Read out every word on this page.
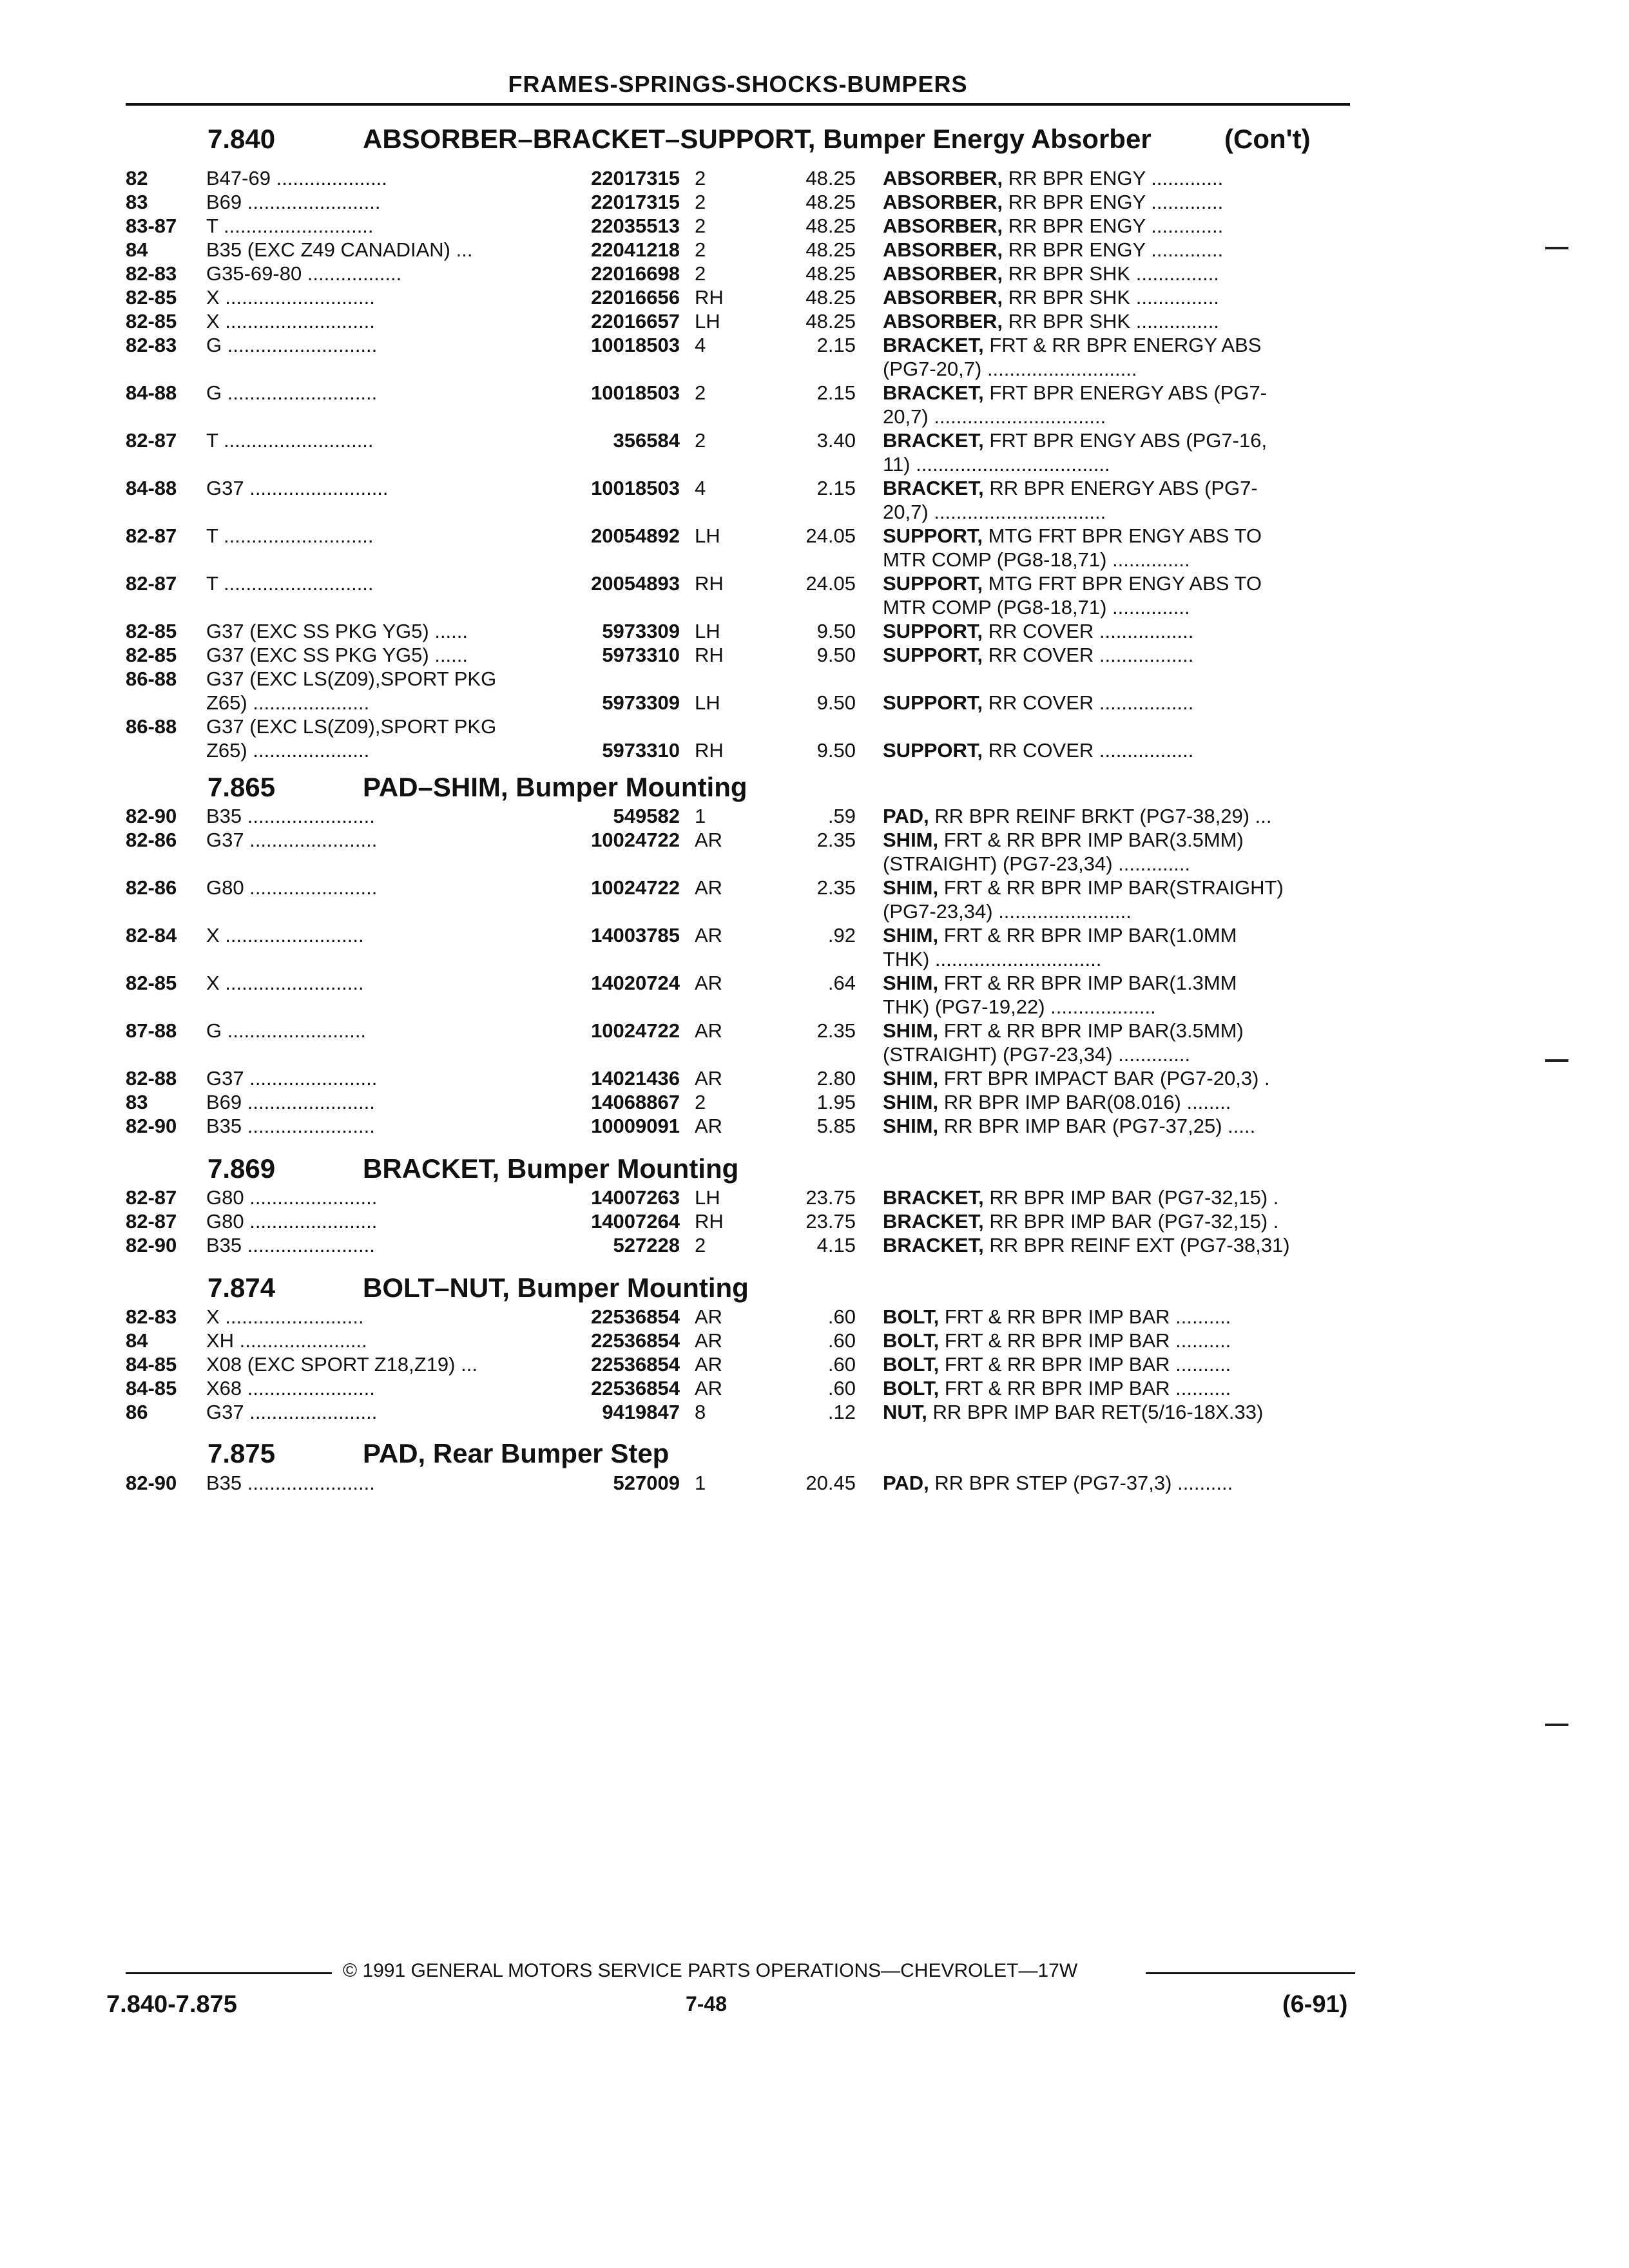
FRAMES-SPRINGS-SHOCKS-BUMPERS
7.840	ABSORBER–BRACKET–SUPPORT, Bumper Energy Absorber	(Con't)
7.865	PAD–SHIM, Bumper Mounting
7.869	BRACKET, Bumper Mounting
7.874	BOLT–NUT, Bumper Mounting
7.875	PAD, Rear Bumper Step
82	B47-69 ....................	22017315 2	48.25 ABSORBER, RR BPR ENGY .............
83	B69 ........................	22017315 2	48.25 ABSORBER, RR BPR ENGY .............
83-87 T ...........................	22035513 2	48.25 ABSORBER, RR BPR ENGY .............
84	B35 (EXC Z49 CANADIAN) ...	22041218 2	48.25 ABSORBER, RR BPR ENGY .............
82-83 G35-69-80 .................	22016698 2	48.25 ABSORBER, RR BPR SHK ...............
82-85 X ...........................	22016656 RH	48.25 ABSORBER, RR BPR SHK ...............
82-85 X ...........................	22016657 LH	48.25 ABSORBER, RR BPR SHK ...............
82-83 G ...........................	10018503 4	2.15 BRACKET, FRT & RR BPR ENERGY ABS
(PG7-20,7) ...........................
84-88 G ...........................	10018503 2	2.15 BRACKET, FRT BPR ENERGY ABS (PG7-
20,7) ...............................
82-87 T ...........................	356584 2	3.40 BRACKET, FRT BPR ENGY ABS (PG7-16,
11) ...................................
84-88 G37 .........................	10018503 4	2.15 BRACKET, RR BPR ENERGY ABS (PG7-
20,7) ...............................
82-87 T ...........................	20054892 LH	24.05 SUPPORT, MTG FRT BPR ENGY ABS TO
MTR COMP (PG8-18,71) ..............
82-87 T ...........................	20054893 RH	24.05 SUPPORT, MTG FRT BPR ENGY ABS TO
MTR COMP (PG8-18,71) ..............
82-85 G37 (EXC SS PKG YG5) ......	5973309 LH	9.50 SUPPORT, RR COVER .................
82-85 G37 (EXC SS PKG YG5) ......	5973310 RH	9.50 SUPPORT, RR COVER .................
86-88 G37 (EXC LS(Z09),SPORT PKG
Z65) .....................	5973309 LH	9.50 SUPPORT, RR COVER .................
86-88 G37 (EXC LS(Z09),SPORT PKG
Z65) .....................	5973310 RH	9.50 SUPPORT, RR COVER .................
82-90 B35 .......................	549582 1	.59 PAD, RR BPR REINF BRKT (PG7-38,29) ...
82-86 G37 .......................	10024722 AR	2.35 SHIM, FRT & RR BPR IMP BAR(3.5MM)
(STRAIGHT) (PG7-23,34) .............
82-86 G80 .......................	10024722 AR	2.35 SHIM, FRT & RR BPR IMP BAR(STRAIGHT)
(PG7-23,34) ........................
82-84 X .........................	14003785 AR	.92 SHIM, FRT & RR BPR IMP BAR(1.0MM
THK) ..............................
82-85 X .........................	14020724 AR	.64 SHIM, FRT & RR BPR IMP BAR(1.3MM
THK) (PG7-19,22) ...................
87-88 G .........................	10024722 AR	2.35 SHIM, FRT & RR BPR IMP BAR(3.5MM)
(STRAIGHT) (PG7-23,34) .............
82-88 G37 .......................	14021436 AR	2.80 SHIM, FRT BPR IMPACT BAR (PG7-20,3) .
83	B69 .......................	14068867 2	1.95 SHIM, RR BPR IMP BAR(08.016) ........
82-90 B35 .......................	10009091 AR	5.85 SHIM, RR BPR IMP BAR (PG7-37,25) .....
82-87 G80 .......................	14007263 LH	23.75 BRACKET, RR BPR IMP BAR (PG7-32,15) .
82-87 G80 .......................	14007264 RH	23.75 BRACKET, RR BPR IMP BAR (PG7-32,15) .
82-90 B35 .......................	527228 2	4.15 BRACKET, RR BPR REINF EXT (PG7-38,31)
82-83 X .........................	22536854 AR	.60 BOLT, FRT & RR BPR IMP BAR ..........
84	XH .......................	22536854 AR	.60 BOLT, FRT & RR BPR IMP BAR ..........
84-85 X08 (EXC SPORT Z18,Z19) ...	22536854 AR	.60 BOLT, FRT & RR BPR IMP BAR ..........
84-85 X68 .......................	22536854 AR	.60 BOLT, FRT & RR BPR IMP BAR ..........
86	G37 .......................	9419847 8	.12 NUT, RR BPR IMP BAR RET(5/16-18X.33)
82-90 B35 .......................	527009 1	20.45 PAD, RR BPR STEP (PG7-37,3) ..........
© 1991 GENERAL MOTORS SERVICE PARTS OPERATIONS—CHEVROLET—17W
7.840-7.875	7-48	(6-91)
